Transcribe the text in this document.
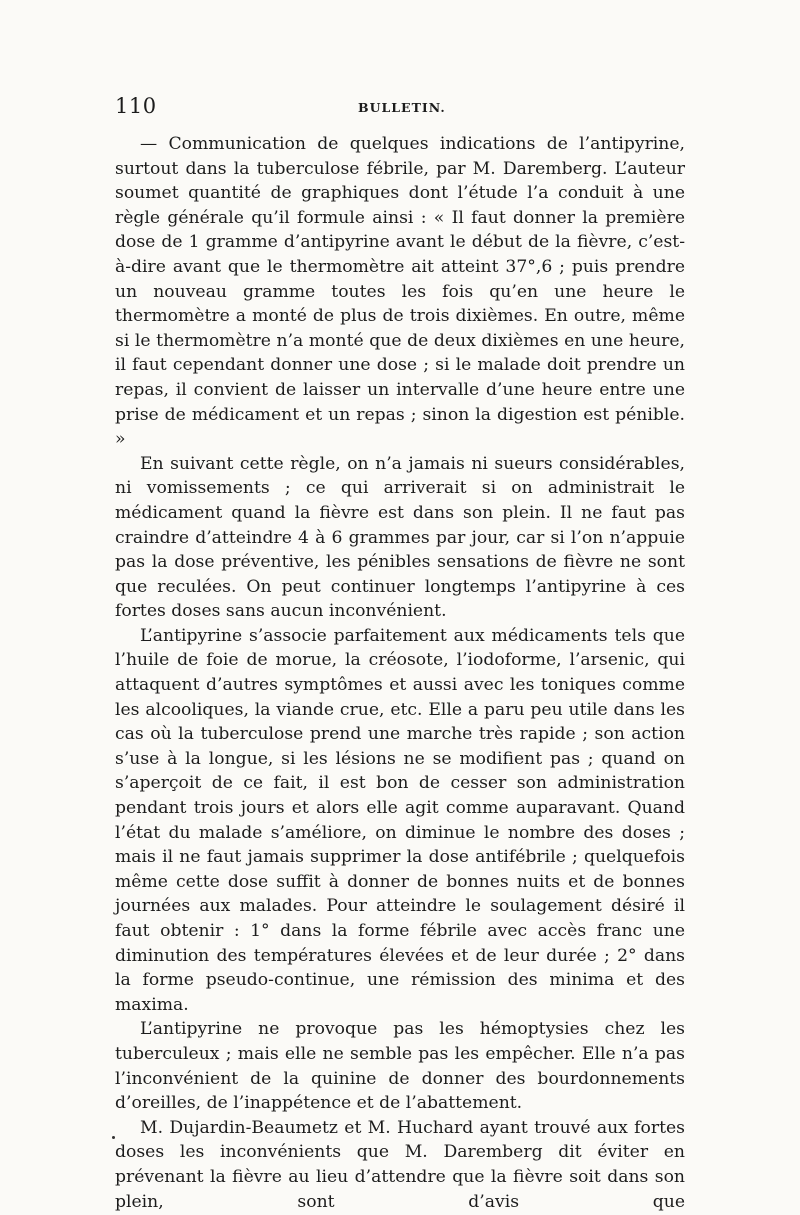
110	BULLETIN.

— Communication de quelques indications de l’antipyrine, surtout dans la tuberculose fébrile, par M. Daremberg. L’auteur soumet quantité de graphiques dont l’étude l’a conduit à une règle générale qu’il formule ainsi : « Il faut donner la première dose de 1 gramme d’antipyrine avant le début de la fièvre, c’est-à-dire avant que le thermomètre ait atteint 37°,6 ; puis prendre un nouveau gramme toutes les fois qu’en une heure le thermomètre a monté de plus de trois dixièmes. En outre, même si le thermomètre n’a monté que de deux dixièmes en une heure, il faut cependant donner une dose ; si le malade doit prendre un repas, il convient de laisser un intervalle d’une heure entre une prise de médicament et un repas ; sinon la digestion est pénible. »

En suivant cette règle, on n’a jamais ni sueurs considérables, ni vomissements ; ce qui arriverait si on administrait le médicament quand la fièvre est dans son plein. Il ne faut pas craindre d’atteindre 4 à 6 grammes par jour, car si l’on n’appuie pas la dose préventive, les pénibles sensations de fièvre ne sont que reculées. On peut continuer longtemps l’antipyrine à ces fortes doses sans aucun inconvénient.

L’antipyrine s’associe parfaitement aux médicaments tels que l’huile de foie de morue, la créosote, l’iodoforme, l’arsenic, qui attaquent d’autres symptômes et aussi avec les toniques comme les alcooliques, la viande crue, etc. Elle a paru peu utile dans les cas où la tuberculose prend une marche très rapide ; son action s’use à la longue, si les lésions ne se modifient pas ; quand on s’aperçoit de ce fait, il est bon de cesser son administration pendant trois jours et alors elle agit comme auparavant. Quand l’état du malade s’améliore, on diminue le nombre des doses ; mais il ne faut jamais supprimer la dose antifébrile ; quelquefois même cette dose suffit à donner de bonnes nuits et de bonnes journées aux malades. Pour atteindre le soulagement désiré il faut obtenir : 1° dans la forme fébrile avec accès franc une diminution des températures élevées et de leur durée ; 2° dans la forme pseudo-continue, une rémission des minima et des maxima.

L’antipyrine ne provoque pas les hémoptysies chez les tuberculeux ; mais elle ne semble pas les empêcher. Elle n’a pas l’inconvénient de la quinine de donner des bourdonnements d’oreilles, de l’inappétence et de l’abattement.

M. Dujardin-Beaumetz et M. Huchard ayant trouvé aux fortes doses les inconvénients que M. Daremberg dit éviter en prévenant la fièvre au lieu d’attendre que la fièvre soit dans son plein, sont d’avis que
